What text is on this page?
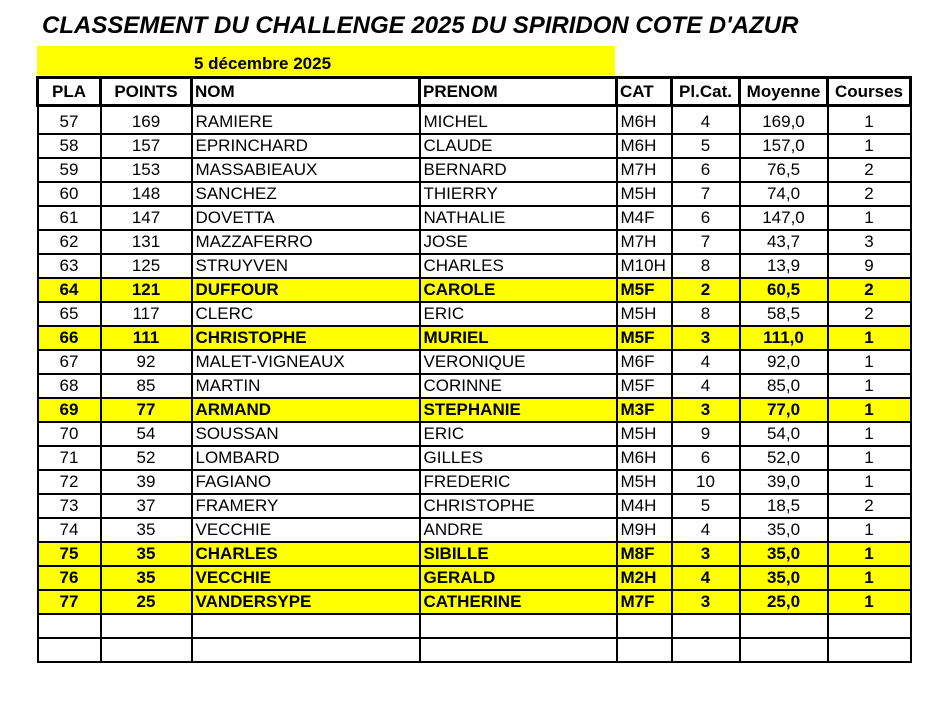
CLASSEMENT DU CHALLENGE 2025 DU SPIRIDON COTE D'AZUR
5 décembre 2025
PLA	POINTS	NOM	PRENOM	CAT	Pl.Cat.	Moyenne	Courses
57	169	RAMIERE	MICHEL	M6H	4	169,0	1
58	157	EPRINCHARD	CLAUDE	M6H	5	157,0	1
59	153	MASSABIEAUX	BERNARD	M7H	6	76,5	2
60	148	SANCHEZ	THIERRY	M5H	7	74,0	2
61	147	DOVETTA	NATHALIE	M4F	6	147,0	1
62	131	MAZZAFERRO	JOSE	M7H	7	43,7	3
63	125	STRUYVEN	CHARLES	M10H	8	13,9	9
64	121	DUFFOUR	CAROLE	M5F	2	60,5	2
65	117	CLERC	ERIC	M5H	8	58,5	2
66	111	CHRISTOPHE	MURIEL	M5F	3	111,0	1
67	92	MALET-VIGNEAUX	VERONIQUE	M6F	4	92,0	1
68	85	MARTIN	CORINNE	M5F	4	85,0	1
69	77	ARMAND	STEPHANIE	M3F	3	77,0	1
70	54	SOUSSAN	ERIC	M5H	9	54,0	1
71	52	LOMBARD	GILLES	M6H	6	52,0	1
72	39	FAGIANO	FREDERIC	M5H	10	39,0	1
73	37	FRAMERY	CHRISTOPHE	M4H	5	18,5	2
74	35	VECCHIE	ANDRE	M9H	4	35,0	1
75	35	CHARLES	SIBILLE	M8F	3	35,0	1
76	35	VECCHIE	GERALD	M2H	4	35,0	1
77	25	VANDERSYPE	CATHERINE	M7F	3	25,0	1
